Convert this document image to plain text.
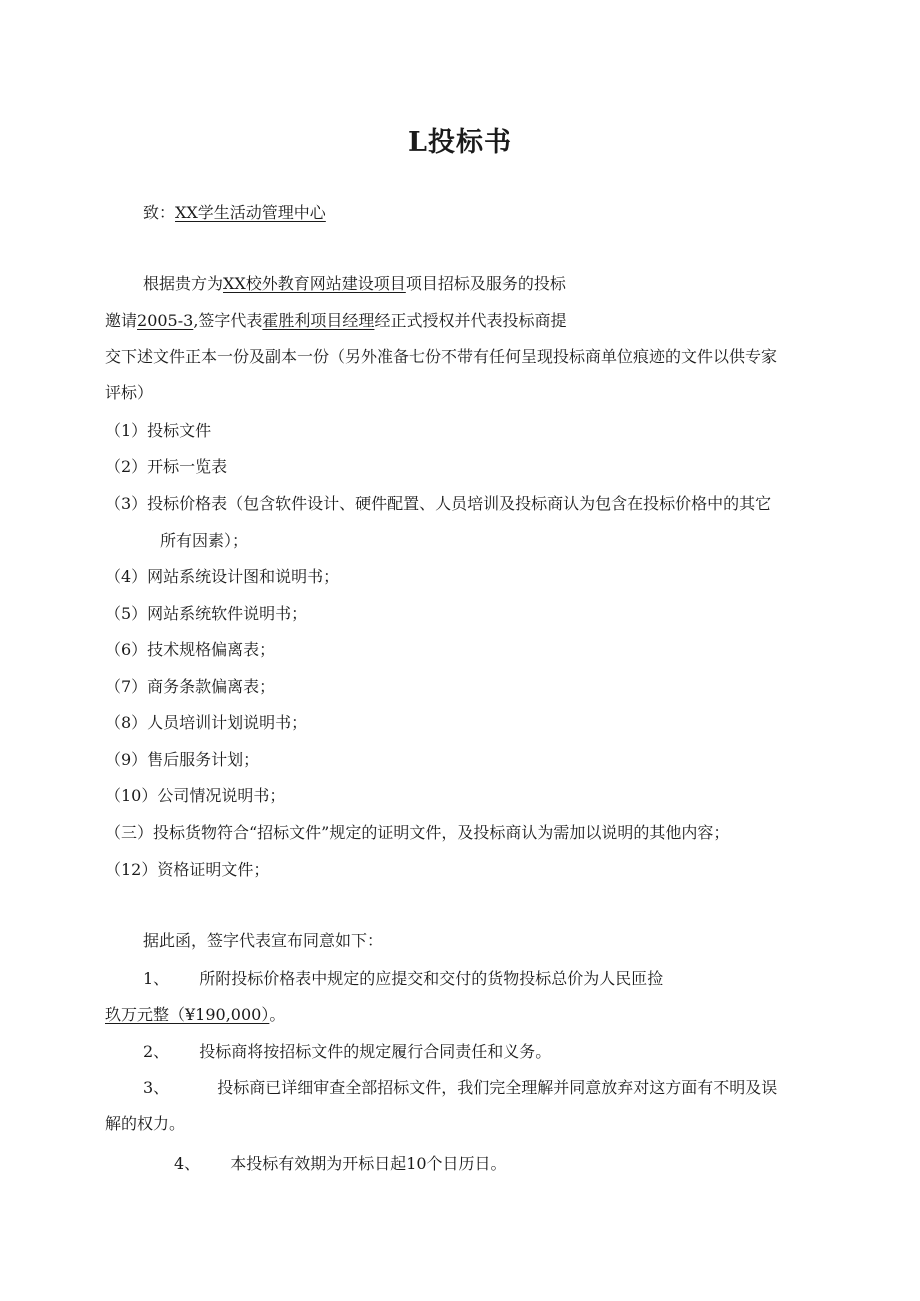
L投标书
致：XX学生活动管理中心
根据贵方为XX校外教育网站建设项目项目招标及服务的投标
邀请2005-3,签字代表霍胜利项目经理经正式授权并代表投标商提
交下述文件正本一份及副本一份（另外准备七份不带有任何呈现投标商单位痕迹的文件以供专家
评标）
（1）投标文件
（2）开标一览表
（3）投标价格表（包含软件设计、硬件配置、人员培训及投标商认为包含在投标价格中的其它
所有因素）；
（4）网站系统设计图和说明书；
（5）网站系统软件说明书；
（6）技术规格偏离表；
（7）商务条款偏离表；
（8）人员培训计划说明书；
（9）售后服务计划；
（10）公司情况说明书；
（三）投标货物符合“招标文件”规定的证明文件，及投标商认为需加以说明的其他内容；
（12）资格证明文件；
据此函，签字代表宣布同意如下：
1、 所附投标价格表中规定的应提交和交付的货物投标总价为人民匝捡
玖万元整（¥190,000）。
2、 投标商将按招标文件的规定履行合同责任和义务。
3、	投标商已详细审查全部招标文件，我们完全理解并同意放弃对这方面有不明及误
解的权力。
4、 本投标有效期为开标日起10个日历日。
